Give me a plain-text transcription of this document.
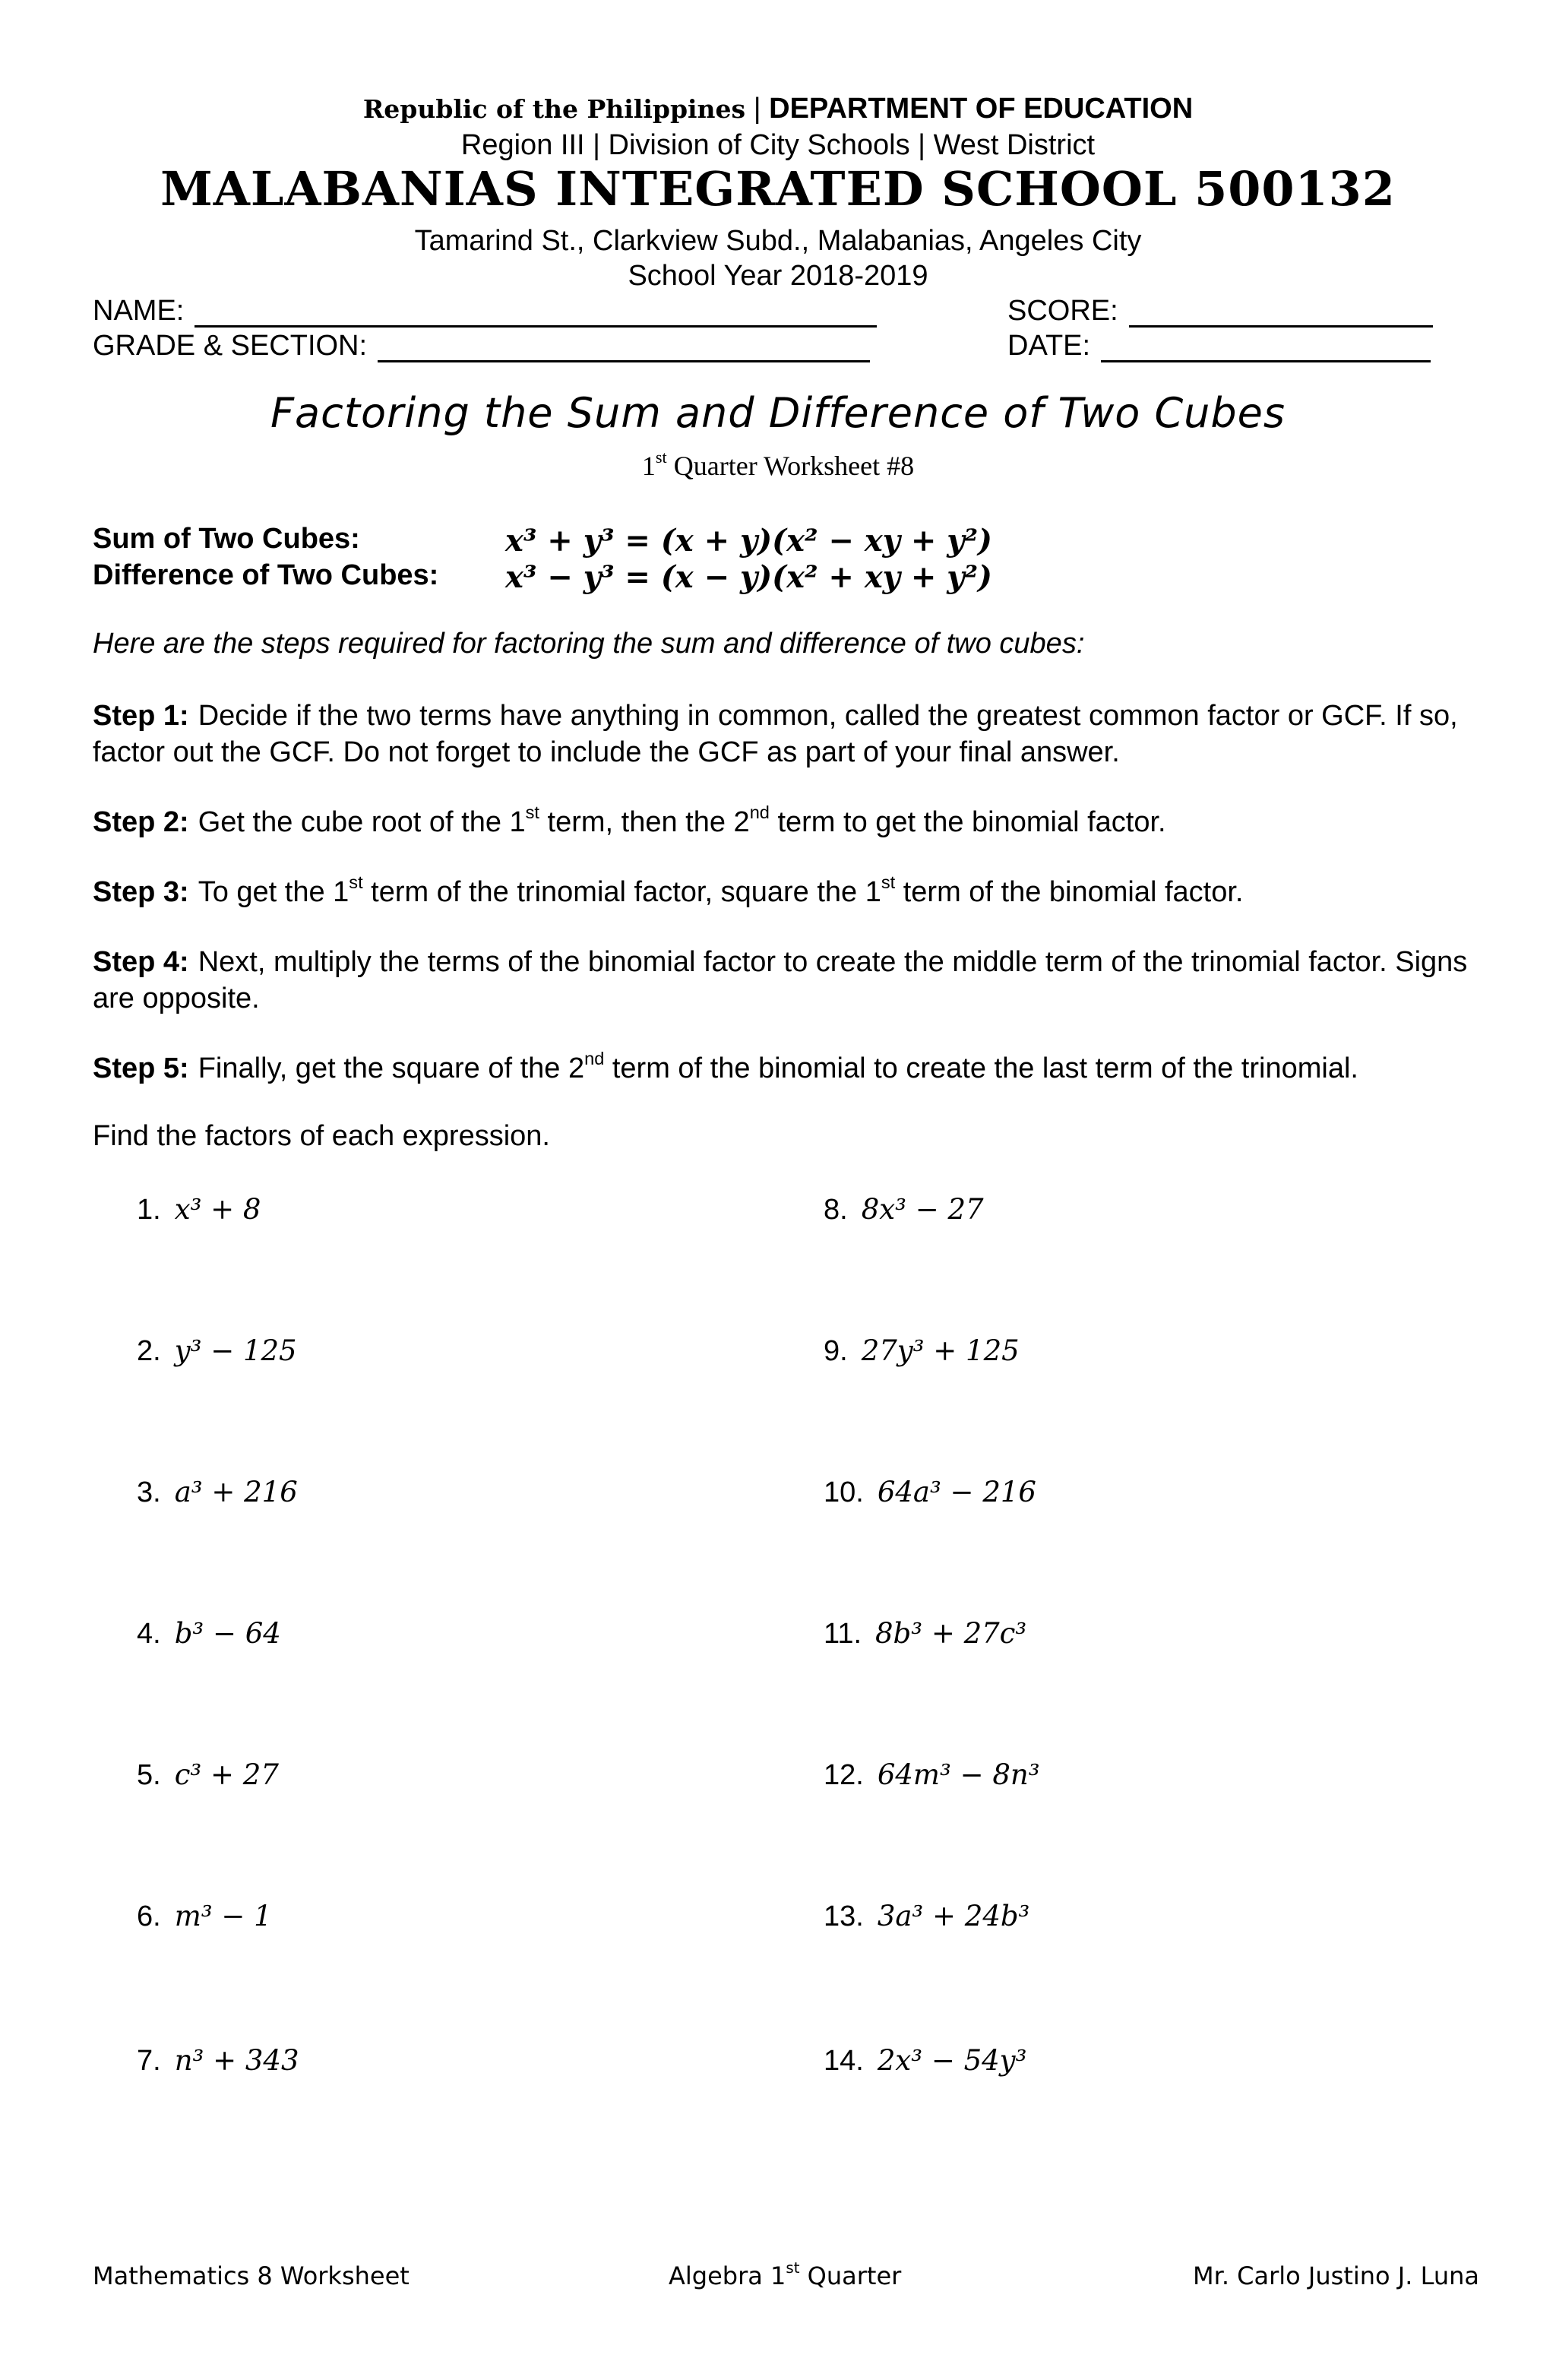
Republic of the Philippines | DEPARTMENT OF EDUCATION
Region III | Division of City Schools | West District
MALABANIAS INTEGRATED SCHOOL 500132
Tamarind St., Clarkview Subd., Malabanias, Angeles City
School Year 2018-2019
NAME:	SCORE:
GRADE & SECTION:	DATE:
Factoring the Sum and Difference of Two Cubes
1st Quarter Worksheet #8
Sum of Two Cubes:	x³ + y³ = (x + y)(x² − xy + y²)
Difference of Two Cubes: x³ − y³ = (x − y)(x² + xy + y²)
Here are the steps required for factoring the sum and difference of two cubes:
Step 1: Decide if the two terms have anything in common, called the greatest common factor or GCF. If so, factor out the GCF. Do not forget to include the GCF as part of your final answer.
Step 2: Get the cube root of the 1st term, then the 2nd term to get the binomial factor.
Step 3: To get the 1st term of the trinomial factor, square the 1st term of the binomial factor.
Step 4: Next, multiply the terms of the binomial factor to create the middle term of the trinomial factor. Signs are opposite.
Step 5: Finally, get the square of the 2nd term of the binomial to create the last term of the trinomial.
Find the factors of each expression.
1. x³ + 8
2. y³ − 125
3. a³ + 216
4. b³ − 64
5. c³ + 27
6. m³ − 1
7. n³ + 343
8. 8x³ − 27
9. 27y³ + 125
10. 64a³ − 216
11. 8b³ + 27c³
12. 64m³ − 8n³
13. 3a³ + 24b³
14. 2x³ − 54y³
Mathematics 8 Worksheet	Algebra 1st Quarter	Mr. Carlo Justino J. Luna
